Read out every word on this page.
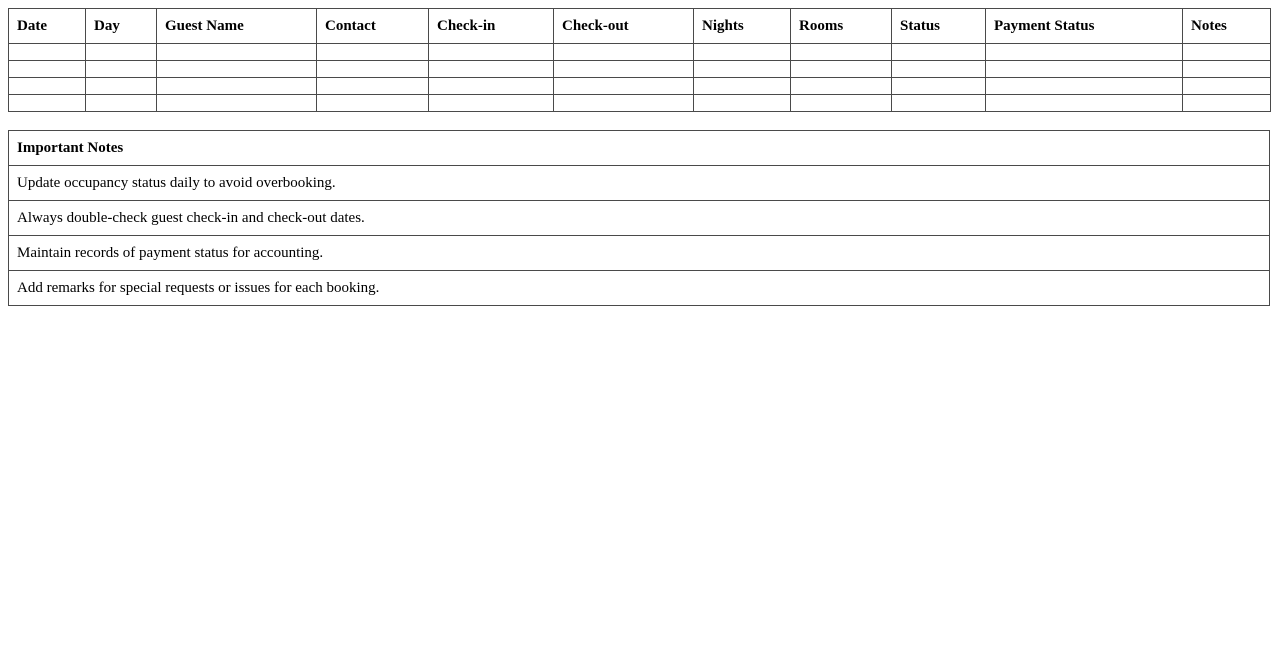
Date	Day	Guest Name	Contact	Check-in	Check-out	Nights	Rooms	Status	Payment Status	Notes

Important Notes
Update occupancy status daily to avoid overbooking.
Always double-check guest check-in and check-out dates.
Maintain records of payment status for accounting.
Add remarks for special requests or issues for each booking.
